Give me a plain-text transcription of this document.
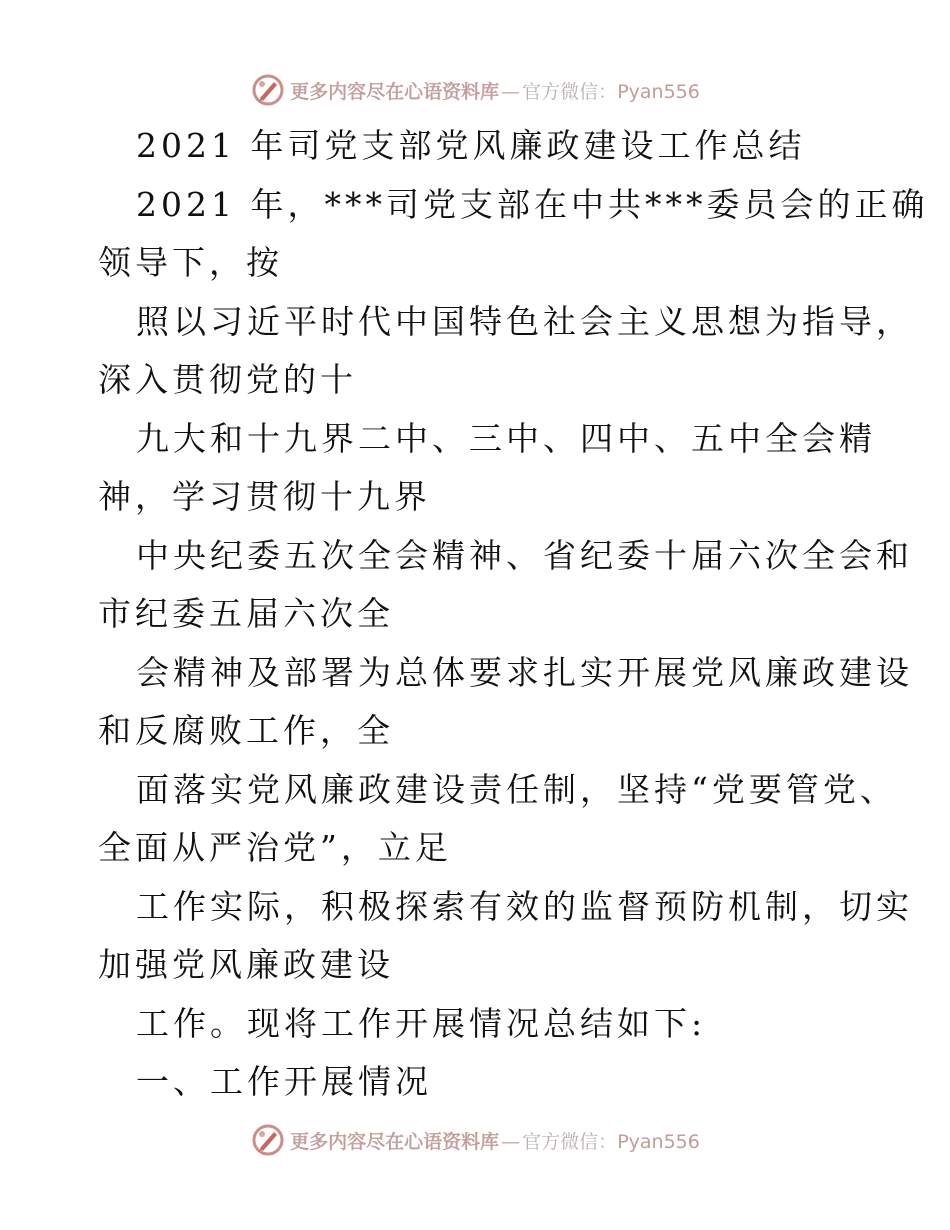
更多内容尽在心语资料库 — 官方微信：Pyan556
2021 年司党支部党风廉政建设工作总结
2021 年，***司党支部在中共***委员会的正确
领导下，按
照以习近平时代中国特色社会主义思想为指导，
深入贯彻党的十
九大和十九界二中、三中、四中、五中全会精
神，学习贯彻十九界
中央纪委五次全会精神、省纪委十届六次全会和
市纪委五届六次全
会精神及部署为总体要求扎实开展党风廉政建设
和反腐败工作，全
面落实党风廉政建设责任制，坚持“党要管党、
全面从严治党”，立足
工作实际，积极探索有效的监督预防机制，切实
加强党风廉政建设
工作。现将工作开展情况总结如下:
一、工作开展情况
更多内容尽在心语资料库 — 官方微信：Pyan556
